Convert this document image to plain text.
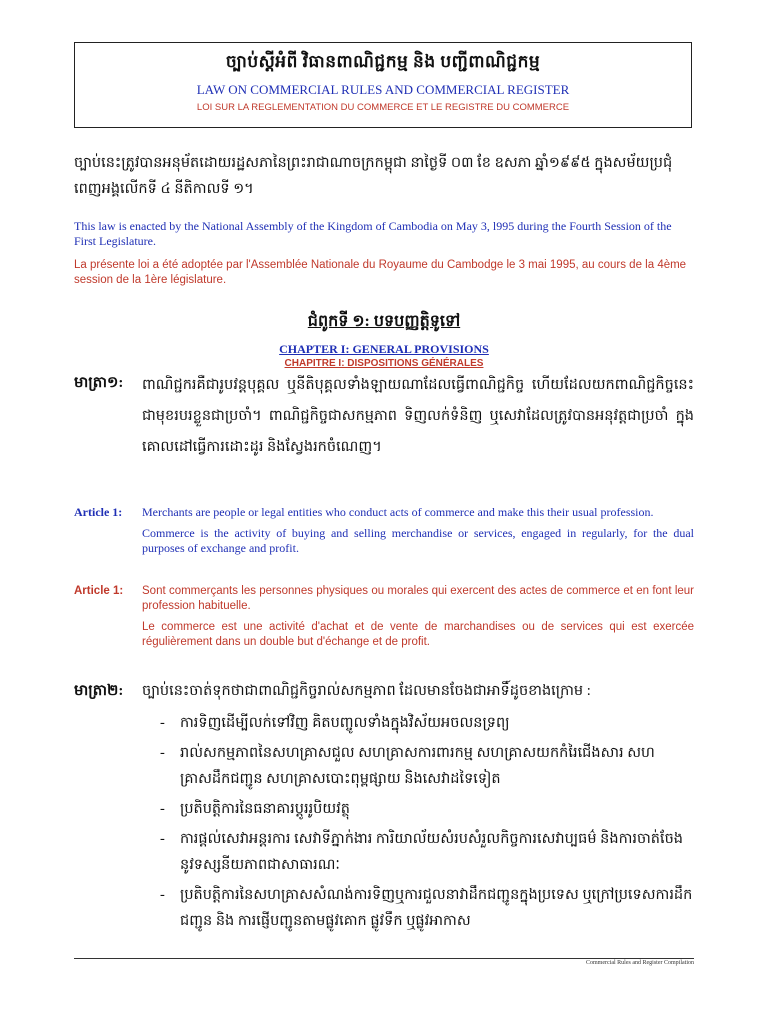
ច្បាប់ស្តីអំពី វិធានពាណិជ្ជកម្ម និង បញ្ជីពាណិជ្ជកម្ម
LAW ON COMMERCIAL RULES AND COMMERCIAL REGISTER
LOI SUR LA REGLEMENTATION DU COMMERCE ET LE REGISTRE DU COMMERCE
ច្បាប់នេះត្រូវបានអនុម័តដោយរដ្ឋសភានៃព្រះរាជាណាចក្រកម្ពុជា នាថ្ងៃទី ០៣ ខែ ឧសភា ឆ្នាំ១៩៩៥ ក្នុងសម័យប្រជុំពេញអង្គលើកទី ៤ នីតិកាលទី ១។
This law is enacted by the National Assembly of the Kingdom of Cambodia on May 3, l995 during the Fourth Session of the First Legislature.
La présente loi a été adoptée par l'Assemblée Nationale du Royaume du Cambodge le 3 mai 1995, au cours de la 4ème session de la 1ère législature.
ជំពូកទី ១: បទបញ្ញត្តិទូទៅ
CHAPTER I: GENERAL PROVISIONS
CHAPITRE I: DISPOSITIONS GÉNÉRALES
មាត្រា១:	ពាណិជ្ជករគឺជារូបវន្តបុគ្គល ឬនីតិបុគ្គលទាំងឡាយណាដែលធ្វើពាណិជ្ជកិច្ច ហើយដែលយកពាណិជ្ជកិច្ចនេះជាមុខរបរខ្លួនជាប្រចាំ។ ពាណិជ្ជកិច្ចជាសកម្មភាព ទិញលក់ទំនិញ ឬសេវាដែលត្រូវបានអនុវត្តជាប្រចាំ ក្នុងគោលដៅធ្វើការដោះដូរ និងស្វែងរកចំណេញ។
Article 1:	Merchants are people or legal entities who conduct acts of commerce and make this their usual profession.

Commerce is the activity of buying and selling merchandise or services, engaged in regularly, for the dual purposes of exchange and profit.

Article 1:	Sont commerçants les personnes physiques ou morales qui exercent des actes de commerce et en font leur profession habituelle.

Le commerce est une activité d'achat et de vente de marchandises ou de services qui est exercée régulièrement dans un double but d'échange et de profit.

មាត្រា២:	ច្បាប់នេះចាត់ទុកថាជាពាណិជ្ជកិច្ចរាល់សកម្មភាព ដែលមានចែងជាអាទិ៍ដូចខាងក្រោម :
-	ការទិញដើម្បីលក់ទៅវិញ គិតបញ្ចូលទាំងក្នុងវិស័យអចលនទ្រព្យ
-	រាល់សកម្មភាពនៃសហគ្រាសជួល សហគ្រាសការពារកម្ម សហគ្រាសយកកំរៃជើងសារ សហគ្រាសដឹកជញ្ជូន សហគ្រាសបោះពុម្ពផ្សាយ និងសេវាដទៃទៀត
-	ប្រតិបត្តិការនៃធនាគារប្តូររូបិយវត្ថុ
-	ការផ្តល់សេវាអន្តរការ សេវាទីភ្នាក់ងារ ការិយាល័យសំរបសំរួលកិច្ចការសេវាប្បធម៌ និងការចាត់ចែងនូវទស្សនីយភាពជាសាធារណៈ
-	ប្រតិបត្តិការនៃសហគ្រាសសំណង់ការទិញឬការជួលនាវាដឹកជញ្ជូនក្នុងប្រទេស ឬក្រៅប្រទេសការដឹកជញ្ជូន និង ការផ្ញើបញ្ជូនតាមផ្លូវគោក ផ្លូវទឹក ឬផ្លូវអាកាស
Commercial Rules and Register Compilation
